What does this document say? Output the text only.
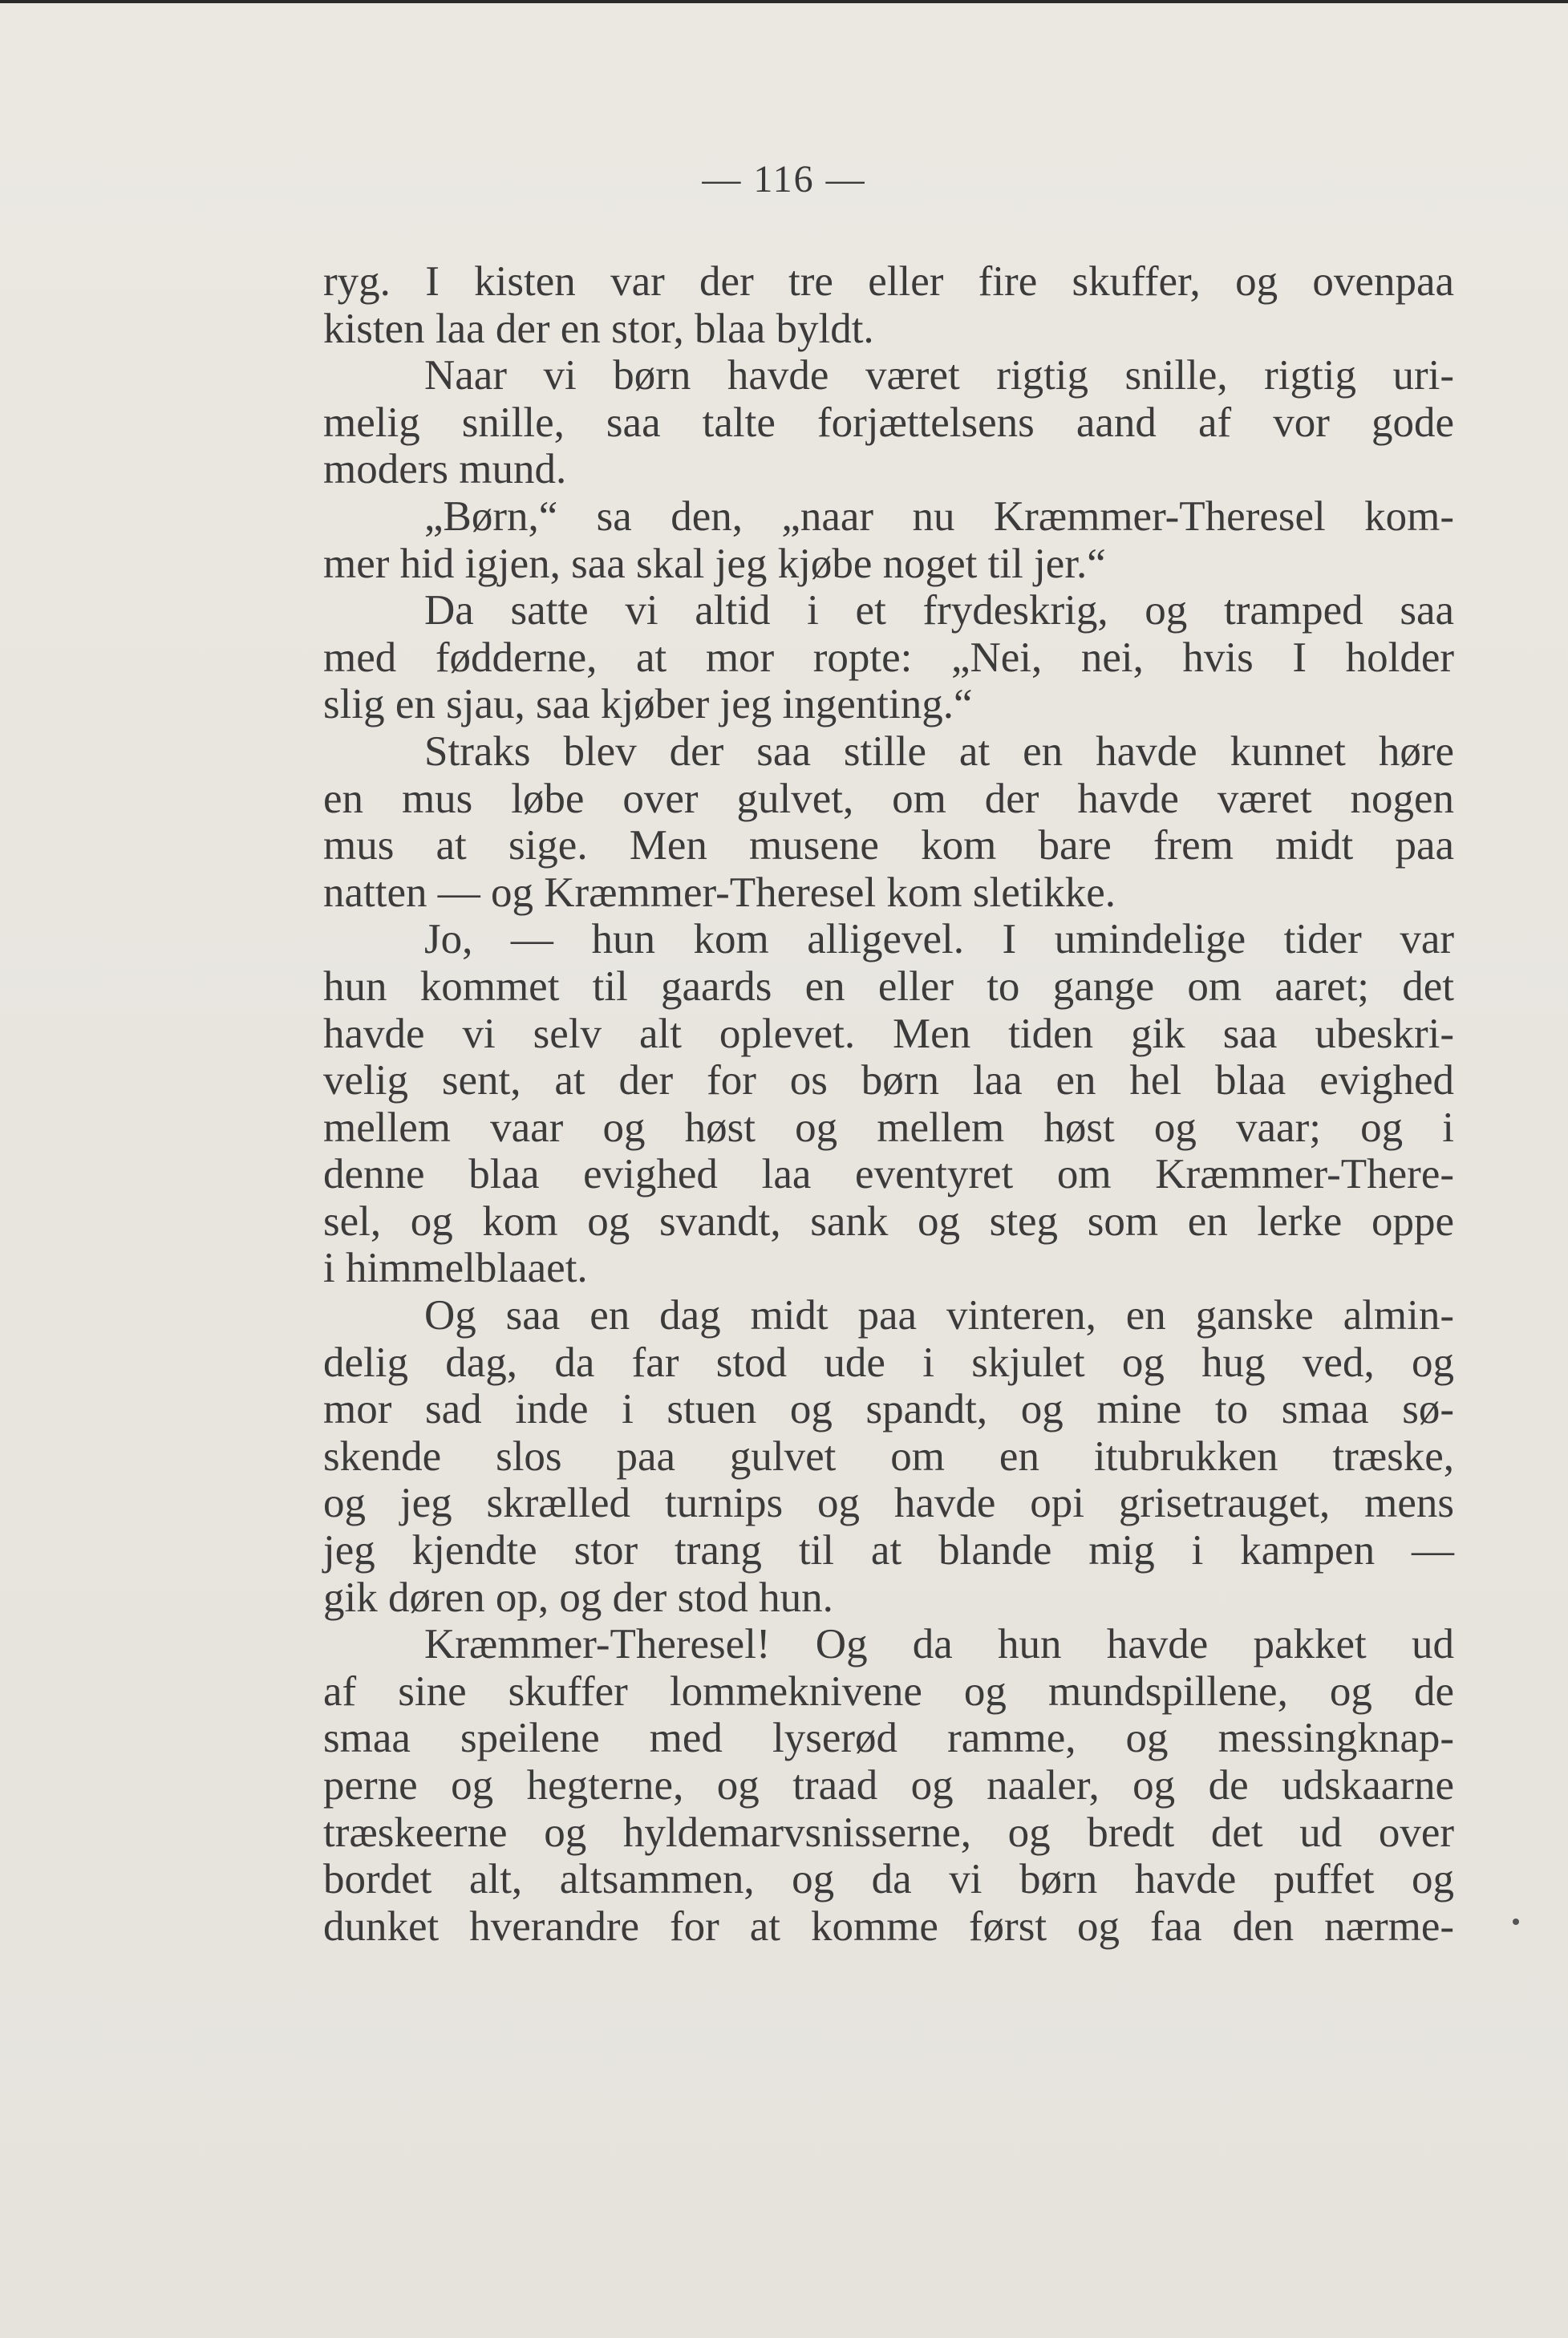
— 116 —
ryg. I kisten var der tre eller fire skuffer, og ovenpaa
kisten laa der en stor, blaa byldt.
Naar vi børn havde været rigtig snille, rigtig uri-
melig snille, saa talte forjættelsens aand af vor gode
moders mund.
„Børn,“ sa den, „naar nu Kræmmer-Theresel kom-
mer hid igjen, saa skal jeg kjøbe noget til jer.“
Da satte vi altid i et frydeskrig, og tramped saa
med fødderne, at mor ropte: „Nei, nei, hvis I holder
slig en sjau, saa kjøber jeg ingenting.“
Straks blev der saa stille at en havde kunnet høre
en mus løbe over gulvet, om der havde været nogen
mus at sige. Men musene kom bare frem midt paa
natten — og Kræmmer-Theresel kom sletikke.
Jo, — hun kom alligevel. I umindelige tider var
hun kommet til gaards en eller to gange om aaret; det
havde vi selv alt oplevet. Men tiden gik saa ubeskri-
velig sent, at der for os børn laa en hel blaa evighed
mellem vaar og høst og mellem høst og vaar; og i
denne blaa evighed laa eventyret om Kræmmer-There-
sel, og kom og svandt, sank og steg som en lerke oppe
i himmelblaaet.
Og saa en dag midt paa vinteren, en ganske almin-
delig dag, da far stod ude i skjulet og hug ved, og
mor sad inde i stuen og spandt, og mine to smaa sø-
skende slos paa gulvet om en itubrukken træske,
og jeg skrælled turnips og havde opi grisetrauget, mens
jeg kjendte stor trang til at blande mig i kampen —
gik døren op, og der stod hun.
Kræmmer-Theresel! Og da hun havde pakket ud
af sine skuffer lommeknivene og mundspillene, og de
smaa speilene med lyserød ramme, og messingknap-
perne og hegterne, og traad og naaler, og de udskaarne
træskeerne og hyldemarvsnisserne, og bredt det ud over
bordet alt, altsammen, og da vi børn havde puffet og
dunket hverandre for at komme først og faa den nærme-
